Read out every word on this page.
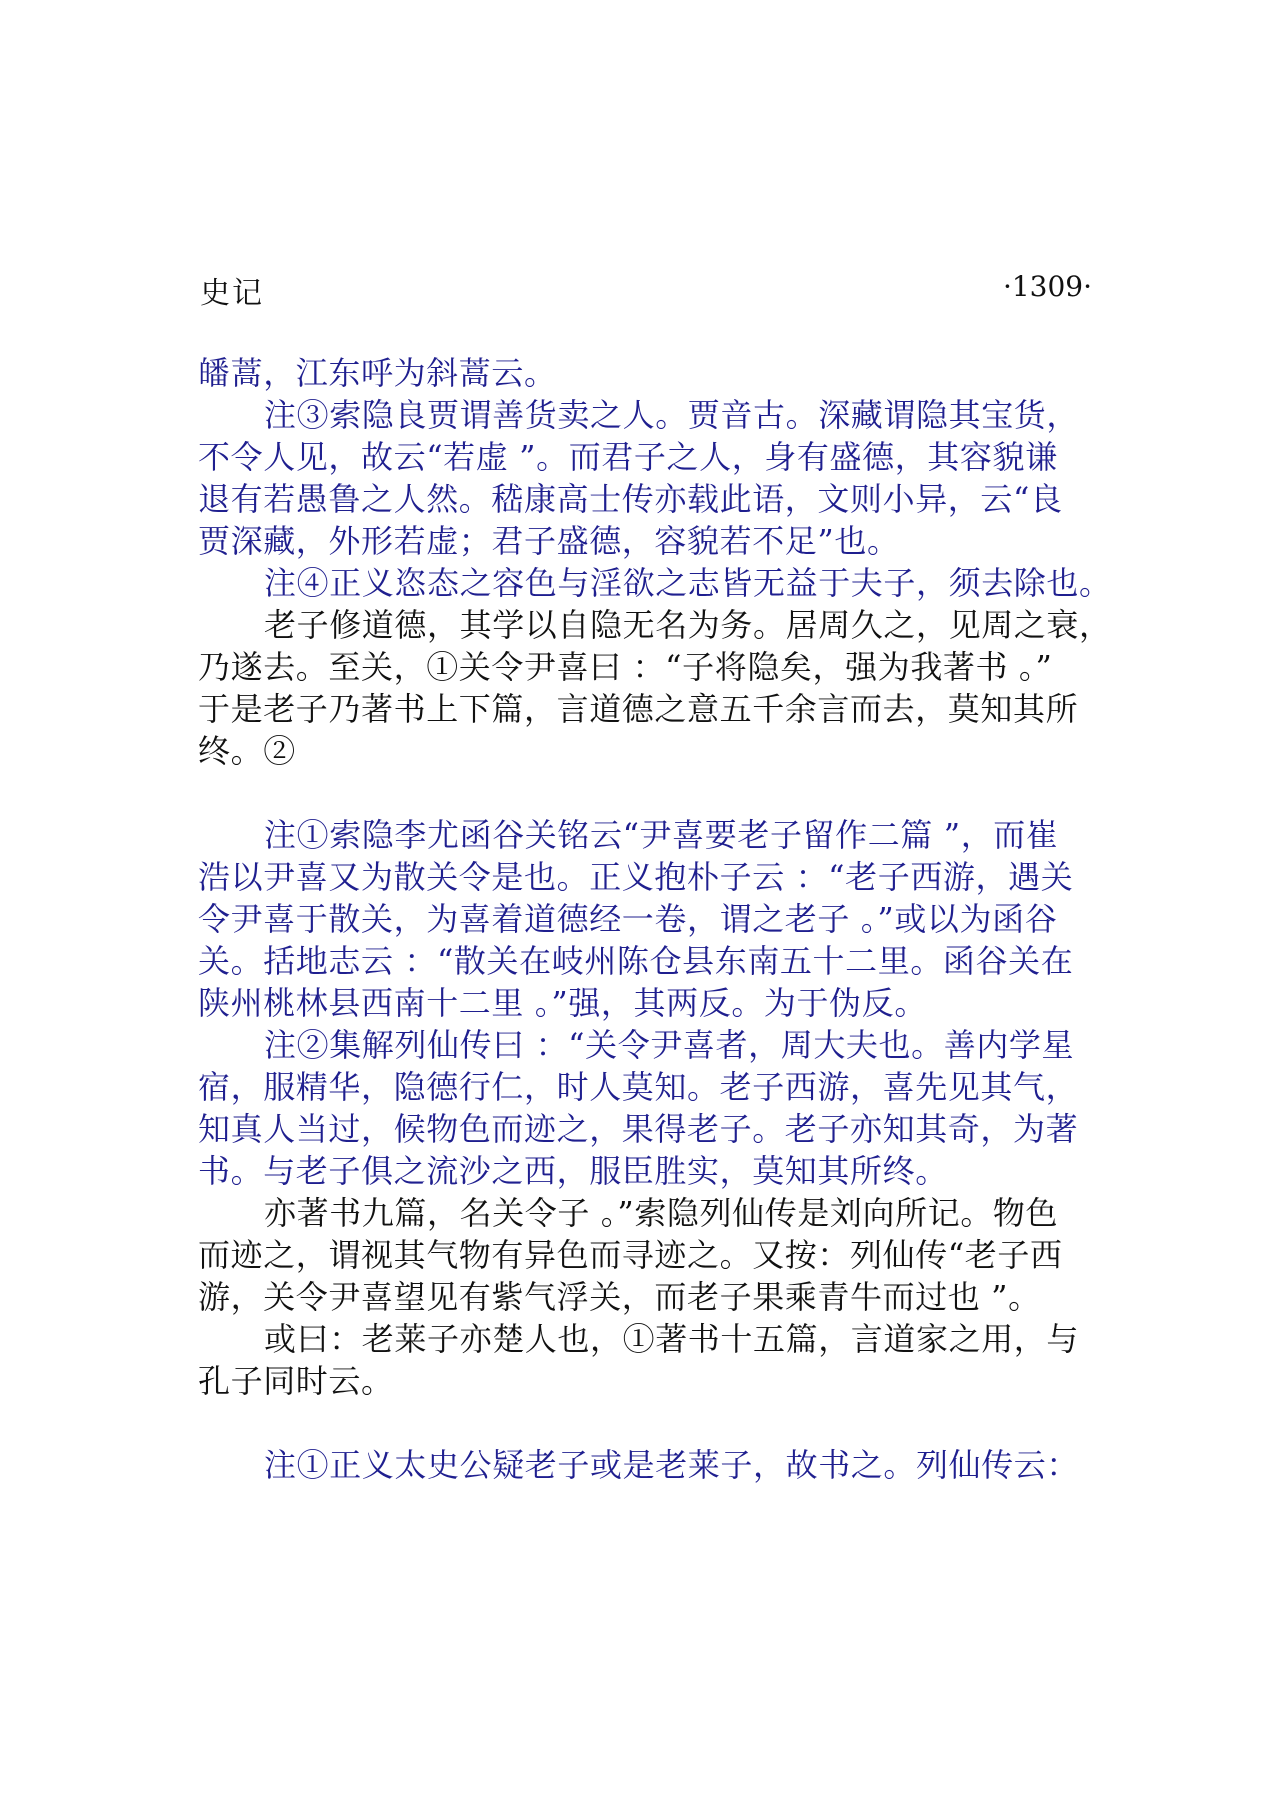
史记	·1309·
皤蒿，江东呼为斜蒿云。
注③索隐良贾谓善货卖之人。贾音古。深藏谓隐其宝货，
不令人见，故云“若虚 ”。而君子之人，身有盛德，其容貌谦
退有若愚鲁之人然。嵇康高士传亦载此语，文则小异，云“良
贾深藏，外形若虚；君子盛德，容貌若不足”也。
注④正义恣态之容色与淫欲之志皆无益于夫子，须去除也。
老子修道德，其学以自隐无名为务。居周久之，见周之衰，
乃遂去。至关，①关令尹喜曰 ：“子将隐矣，强为我著书 。”
于是老子乃著书上下篇，言道德之意五千余言而去，莫知其所
终。②
注①索隐李尤函谷关铭云“尹喜要老子留作二篇 ”，而崔
浩以尹喜又为散关令是也。正义抱朴子云 ：“老子西游，遇关
令尹喜于散关，为喜着道德经一卷，谓之老子 。”或以为函谷
关。括地志云 ：“散关在岐州陈仓县东南五十二里。函谷关在
陕州桃林县西南十二里 。”强，其两反。为于伪反。
注②集解列仙传曰 ：“关令尹喜者，周大夫也。善内学星
宿，服精华，隐德行仁，时人莫知。老子西游，喜先见其气，
知真人当过，候物色而迹之，果得老子。老子亦知其奇，为著
书。与老子俱之流沙之西，服臣胜实，莫知其所终。
亦著书九篇，名关令子 。”索隐列仙传是刘向所记。物色
而迹之，谓视其气物有异色而寻迹之。又按：列仙传“老子西
游，关令尹喜望见有紫气浮关，而老子果乘青牛而过也 ”。
或曰：老莱子亦楚人也，①著书十五篇，言道家之用，与
孔子同时云。
注①正义太史公疑老子或是老莱子，故书之。列仙传云：
